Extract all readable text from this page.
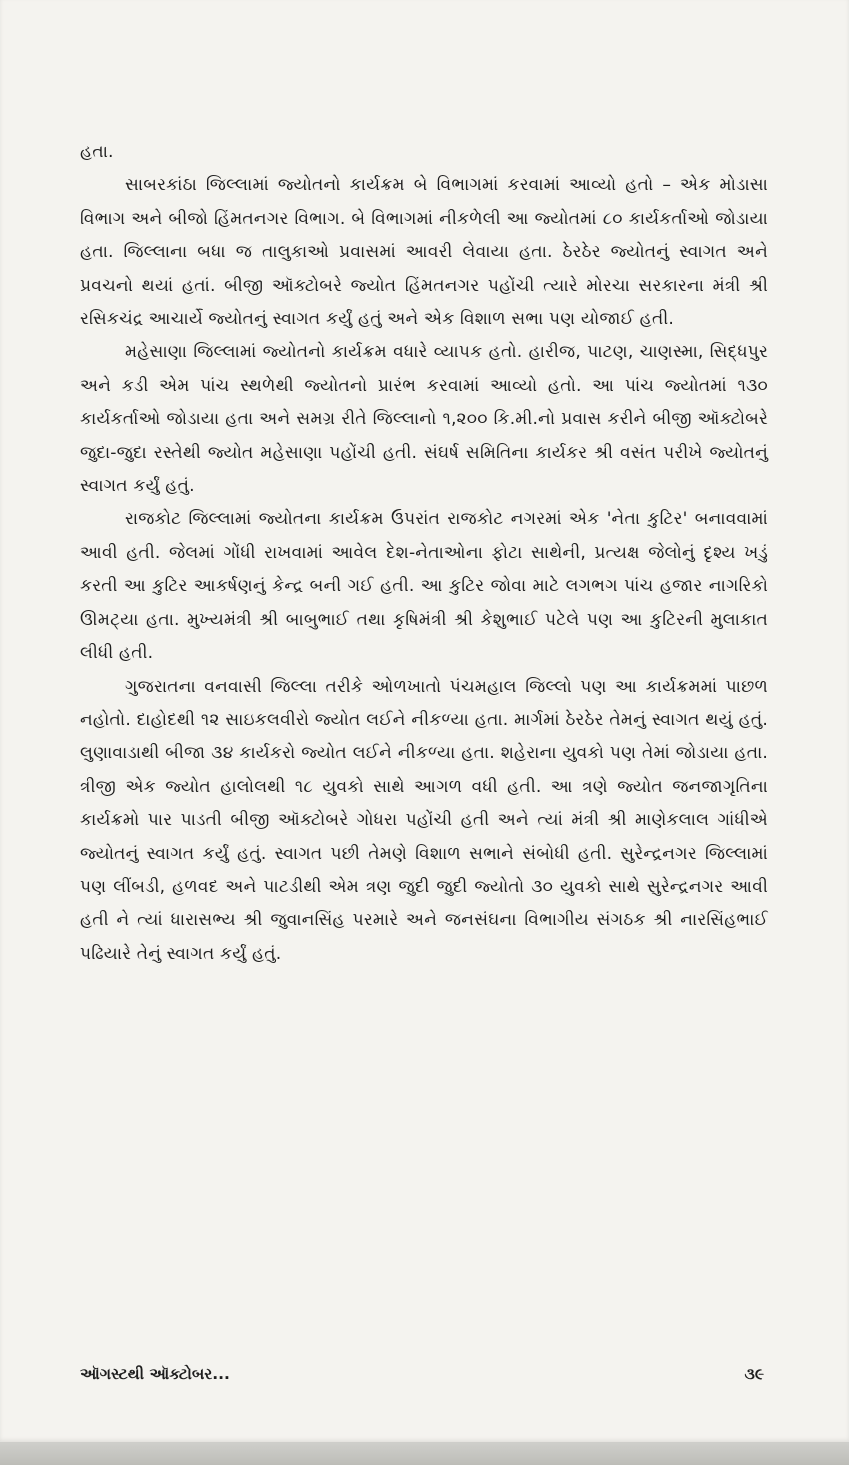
હતા.

સાબરકાંઠા જિલ્લામાં જ્યોતનો કાર્યક્રમ બે વિભાગમાં કરવામાં આવ્યો હતો – એક મોડાસા વિભાગ અને બીજો હિંમતનગર વિભાગ. બે વિભાગમાં નીકળેલી આ જ્યોતમાં ૮૦ કાર્યકર્તાઓ જોડાયા હતા. જિલ્લાના બધા જ તાલુકાઓ પ્રવાસમાં આવરી લેવાયા હતા. ઠેરઠેર જ્યોતનું સ્વાગત અને પ્રવચનો થયાં હતાં. બીજી ઑક્ટોબરે જ્યોત હિંમતનગર પહોંચી ત્યારે મોરચા સરકારના મંત્રી શ્રી રસિકચંદ્ર આચાર્યે જ્યોતનું સ્વાગત કર્યું હતું અને એક વિશાળ સભા પણ યોજાઈ હતી.

મહેસાણા જિલ્લામાં જ્યોતનો કાર્યક્રમ વધારે વ્યાપક હતો. હારીજ, પાટણ, ચાણસ્મા, સિદ્ધપુર અને કડી એમ પાંચ સ્થળેથી જ્યોતનો પ્રારંભ કરવામાં આવ્યો હતો. આ પાંચ જ્યોતમાં ૧૩૦ કાર્યકર્તાઓ જોડાયા હતા અને સમગ્ર રીતે જિલ્લાનો ૧,૨૦૦ કિ.મી.નો પ્રવાસ કરીને બીજી ઑક્ટોબરે જુદા-જુદા રસ્તેથી જ્યોત મહેસાણા પહોંચી હતી. સંઘર્ષ સમિતિના કાર્યકર શ્રી વસંત પરીખે જ્યોતનું સ્વાગત કર્યું હતું.

રાજકોટ જિલ્લામાં જ્યોતના કાર્યક્રમ ઉપરાંત રાજકોટ નગરમાં એક 'નેતા કુટિર' બનાવવામાં આવી હતી. જેલમાં ગોંધી રાખવામાં આવેલ દેશ-નેતાઓના ફોટા સાથેની, પ્રત્યક્ષ જેલોનું દૃશ્ય ખડું કરતી આ કુટિર આકર્ષણનું કેન્દ્ર બની ગઈ હતી. આ કુટિર જોવા માટે લગભગ પાંચ હજાર નાગરિકો ઊમટ્યા હતા. મુખ્યમંત્રી શ્રી બાબુભાઈ તથા કૃષિમંત્રી શ્રી કેશુભાઈ પટેલે પણ આ કુટિરની મુલાકાત લીધી હતી.

ગુજરાતના વનવાસી જિલ્લા તરીકે ઓળખાતો પંચમહાલ જિલ્લો પણ આ કાર્યક્રમમાં પાછળ નહોતો. દાહોદથી ૧૨ સાઇકલવીરો જ્યોત લઈને નીકળ્યા હતા. માર્ગમાં ઠેરઠેર તેમનું સ્વાગત થયું હતું. લુણાવાડાથી બીજા ૩૪ કાર્યકરો જ્યોત લઈને નીકળ્યા હતા. શહેરાના યુવકો પણ તેમાં જોડાયા હતા. ત્રીજી એક જ્યોત હાલોલથી ૧૮ યુવકો સાથે આગળ વધી હતી. આ ત્રણે જ્યોત જનજાગૃતિના કાર્યક્રમો પાર પાડતી બીજી ઑક્ટોબરે ગોધરા પહોંચી હતી અને ત્યાં મંત્રી શ્રી માણેકલાલ ગાંધીએ જ્યોતનું સ્વાગત કર્યું હતું. સ્વાગત પછી તેમણે વિશાળ સભાને સંબોધી હતી. સુરેન્દ્રનગર જિલ્લામાં પણ લીંબડી, હળવદ અને પાટડીથી એમ ત્રણ જુદી જુદી જ્યોતો ૩૦ યુવકો સાથે સુરેન્દ્રનગર આવી હતી ને ત્યાં ધારાસભ્ય શ્રી જુવાનસિંહ પરમારે અને જનસંઘના વિભાગીય સંગઠક શ્રી નારસિંહભાઈ પઢિયારે તેનું સ્વાગત કર્યું હતું.

ઑગસ્ટથી ઑક્ટોબર...	૩૯
